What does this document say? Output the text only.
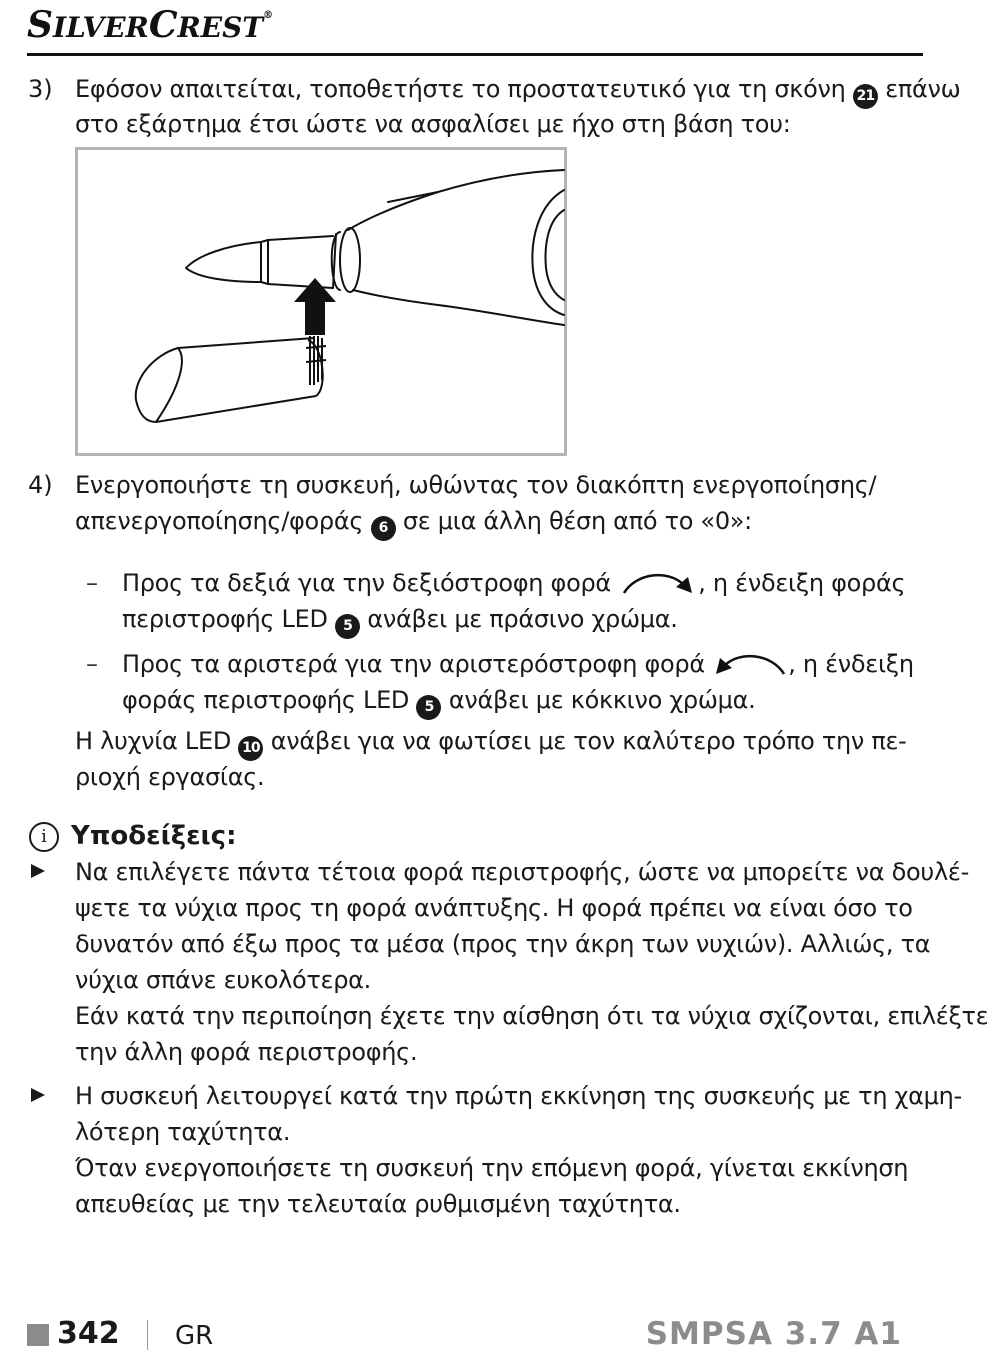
SILVERCREST®
3) Εφόσον απαιτείται, τοποθετήστε το προστατευτικό για τη σκόνη 21 επάνω
στο εξάρτημα έτσι ώστε να ασφαλίσει με ήχο στη βάση του:
4) Ενεργοποιήστε τη συσκευή, ωθώντας τον διακόπτη ενεργοποίησης/
απενεργοποίησης/φοράς 6 σε μια άλλη θέση από το «0»:
– Προς τα δεξιά για την δεξιόστροφη φορά	, η ένδειξη φοράς
περιστροφής LED 5 ανάβει με πράσινο χρώμα.
– Προς τα αριστερά για την αριστερόστροφη φορά	, η ένδειξη
φοράς περιστροφής LED 5 ανάβει με κόκκινο χρώμα.
Η λυχνία LED 10 ανάβει για να φωτίσει με τον καλύτερο τρόπο την πε-
ριοχή εργασίας.
i Υποδείξεις:
Να επιλέγετε πάντα τέτοια φορά περιστροφής, ώστε να μπορείτε να δουλέ-
ψετε τα νύχια προς τη φορά ανάπτυξης. Η φορά πρέπει να είναι όσο το
δυνατόν από έξω προς τα μέσα (προς την άκρη των νυχιών). Αλλιώς, τα
νύχια σπάνε ευκολότερα.
Εάν κατά την περιποίηση έχετε την αίσθηση ότι τα νύχια σχίζονται, επιλέξτε
την άλλη φορά περιστροφής.
Η συσκευή λειτουργεί κατά την πρώτη εκκίνηση της συσκευής με τη χαμη-
λότερη ταχύτητα.
Όταν ενεργοποιήσετε τη συσκευή την επόμενη φορά, γίνεται εκκίνηση
απευθείας με την τελευταία ρυθμισμένη ταχύτητα.
342 GR	SMPSA 3.7 A1
